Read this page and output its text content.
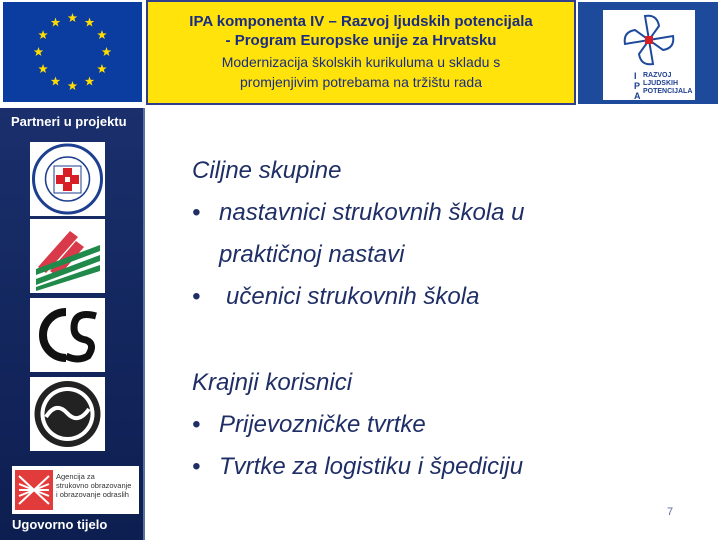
IPA komponenta IV – Razvoj ljudskih potencijala
- Program Europske unije za Hrvatsku
Modernizacija školskih kurikuluma u skladu s
promjenjivim potrebama na tržištu rada	I
P
A
RAZVOJ
LJUDSKIH
POTENCIJALA
Partneri u projektu
Agencija za
strukovno obrazovanje
i obrazovanje odraslih
Ugovorno tijelo
Ciljne skupine
• nastavnici strukovnih škola u
praktičnoj nastavi
• učenici strukovnih škola
Krajnji korisnici
• Prijevozničke tvrtke
• Tvrtke za logistiku i špediciju
7
